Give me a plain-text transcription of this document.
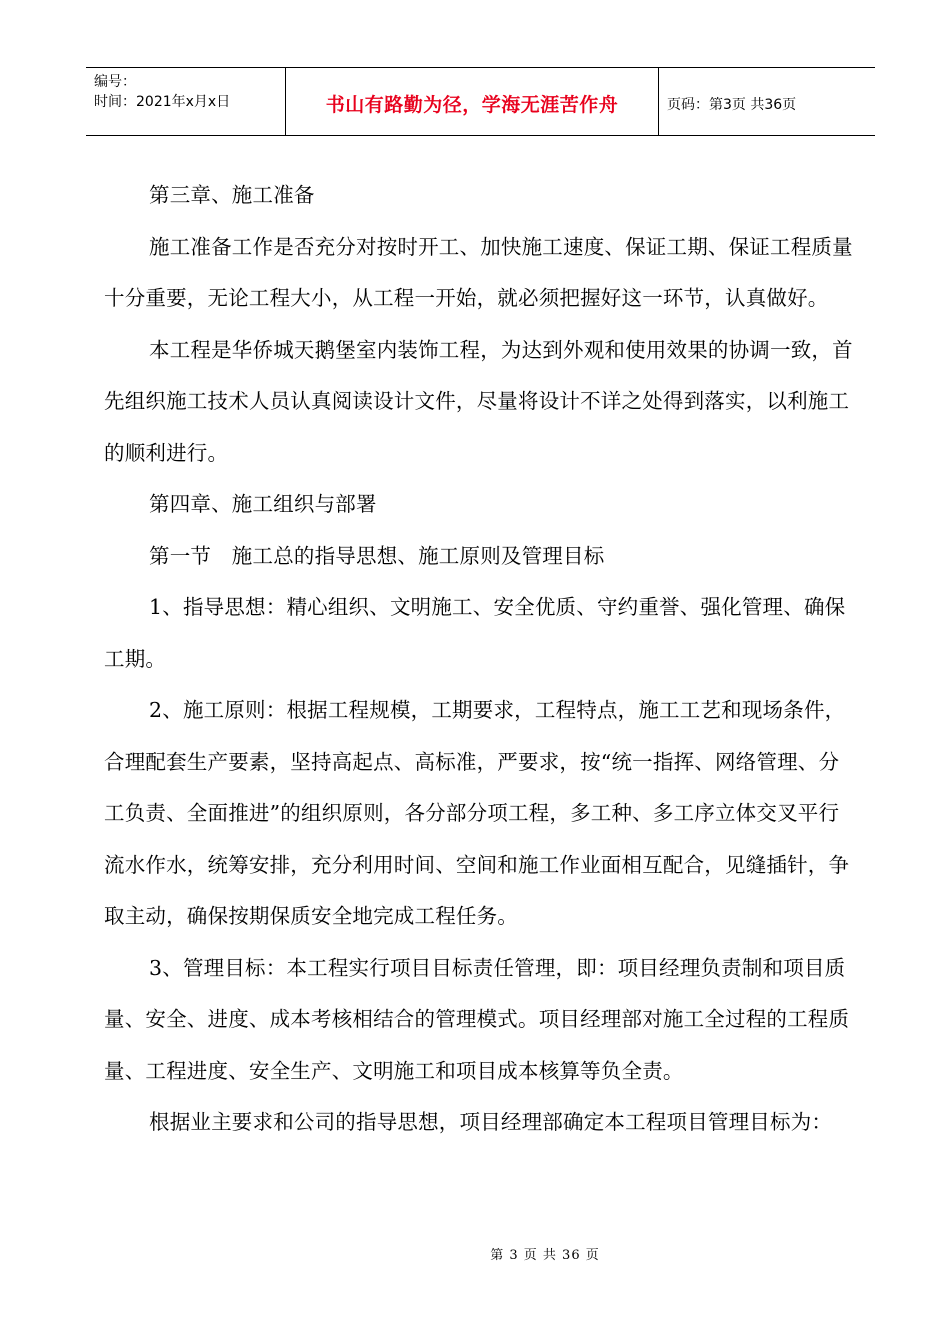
编号：
时间：2021年x月x日	书山有路勤为径，学海无涯苦作舟	页码：第3页 共36页

第三章、施工准备

施工准备工作是否充分对按时开工、加快施工速度、保证工期、保证工程质量十分重要，无论工程大小，从工程一开始，就必须把握好这一环节，认真做好。

本工程是华侨城天鹅堡室内装饰工程，为达到外观和使用效果的协调一致，首先组织施工技术人员认真阅读设计文件，尽量将设计不详之处得到落实，以利施工的顺利进行。

第四章、施工组织与部署

第一节　施工总的指导思想、施工原则及管理目标

1、指导思想：精心组织、文明施工、安全优质、守约重誉、强化管理、确保工期。

2、施工原则：根据工程规模，工期要求，工程特点，施工工艺和现场条件，合理配套生产要素，坚持高起点、高标准，严要求，按“统一指挥、网络管理、分工负责、全面推进”的组织原则，各分部分项工程，多工种、多工序立体交叉平行流水作水，统筹安排，充分利用时间、空间和施工作业面相互配合，见缝插针，争取主动，确保按期保质安全地完成工程任务。

3、管理目标：本工程实行项目目标责任管理，即：项目经理负责制和项目质量、安全、进度、成本考核相结合的管理模式。项目经理部对施工全过程的工程质量、工程进度、安全生产、文明施工和项目成本核算等负全责。

根据业主要求和公司的指导思想，项目经理部确定本工程项目管理目标为：

第 3 页 共 36 页
